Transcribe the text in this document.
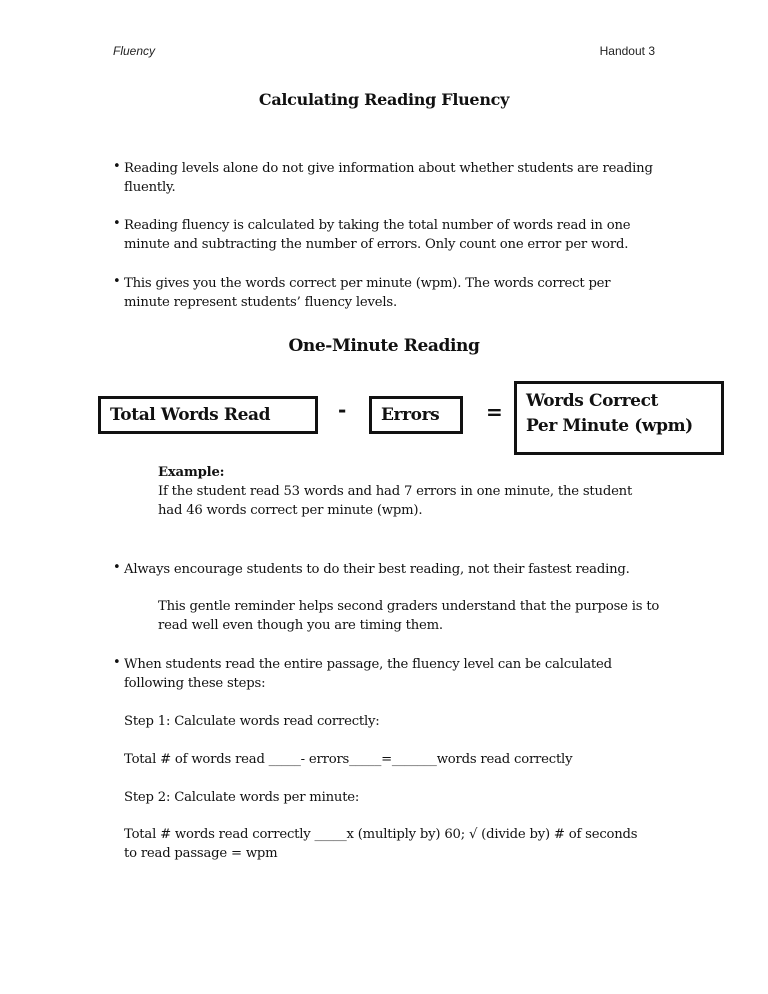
Fluency	Handout 3
Calculating Reading Fluency
• Reading levels alone do not give information about whether students are reading
fluently.
• Reading fluency is calculated by taking the total number of words read in one
minute and subtracting the number of errors. Only count one error per word.
• This gives you the words correct per minute (wpm). The words correct per
minute represent students’ fluency levels.
One-Minute Reading
Total Words Read	-	Errors	= Words Correct
Per Minute (wpm)
Example:
If the student read 53 words and had 7 errors in one minute, the student
had 46 words correct per minute (wpm).
• Always encourage students to do their best reading, not their fastest reading.
This gentle reminder helps second graders understand that the purpose is to
read well even though you are timing them.
• When students read the entire passage, the fluency level can be calculated
following these steps:
Step 1: Calculate words read correctly:
Total # of words read _____- errors_____=_______words read correctly
Step 2: Calculate words per minute:
Total # words read correctly _____x (multiply by) 60; √ (divide by) # of seconds
to read passage = wpm
